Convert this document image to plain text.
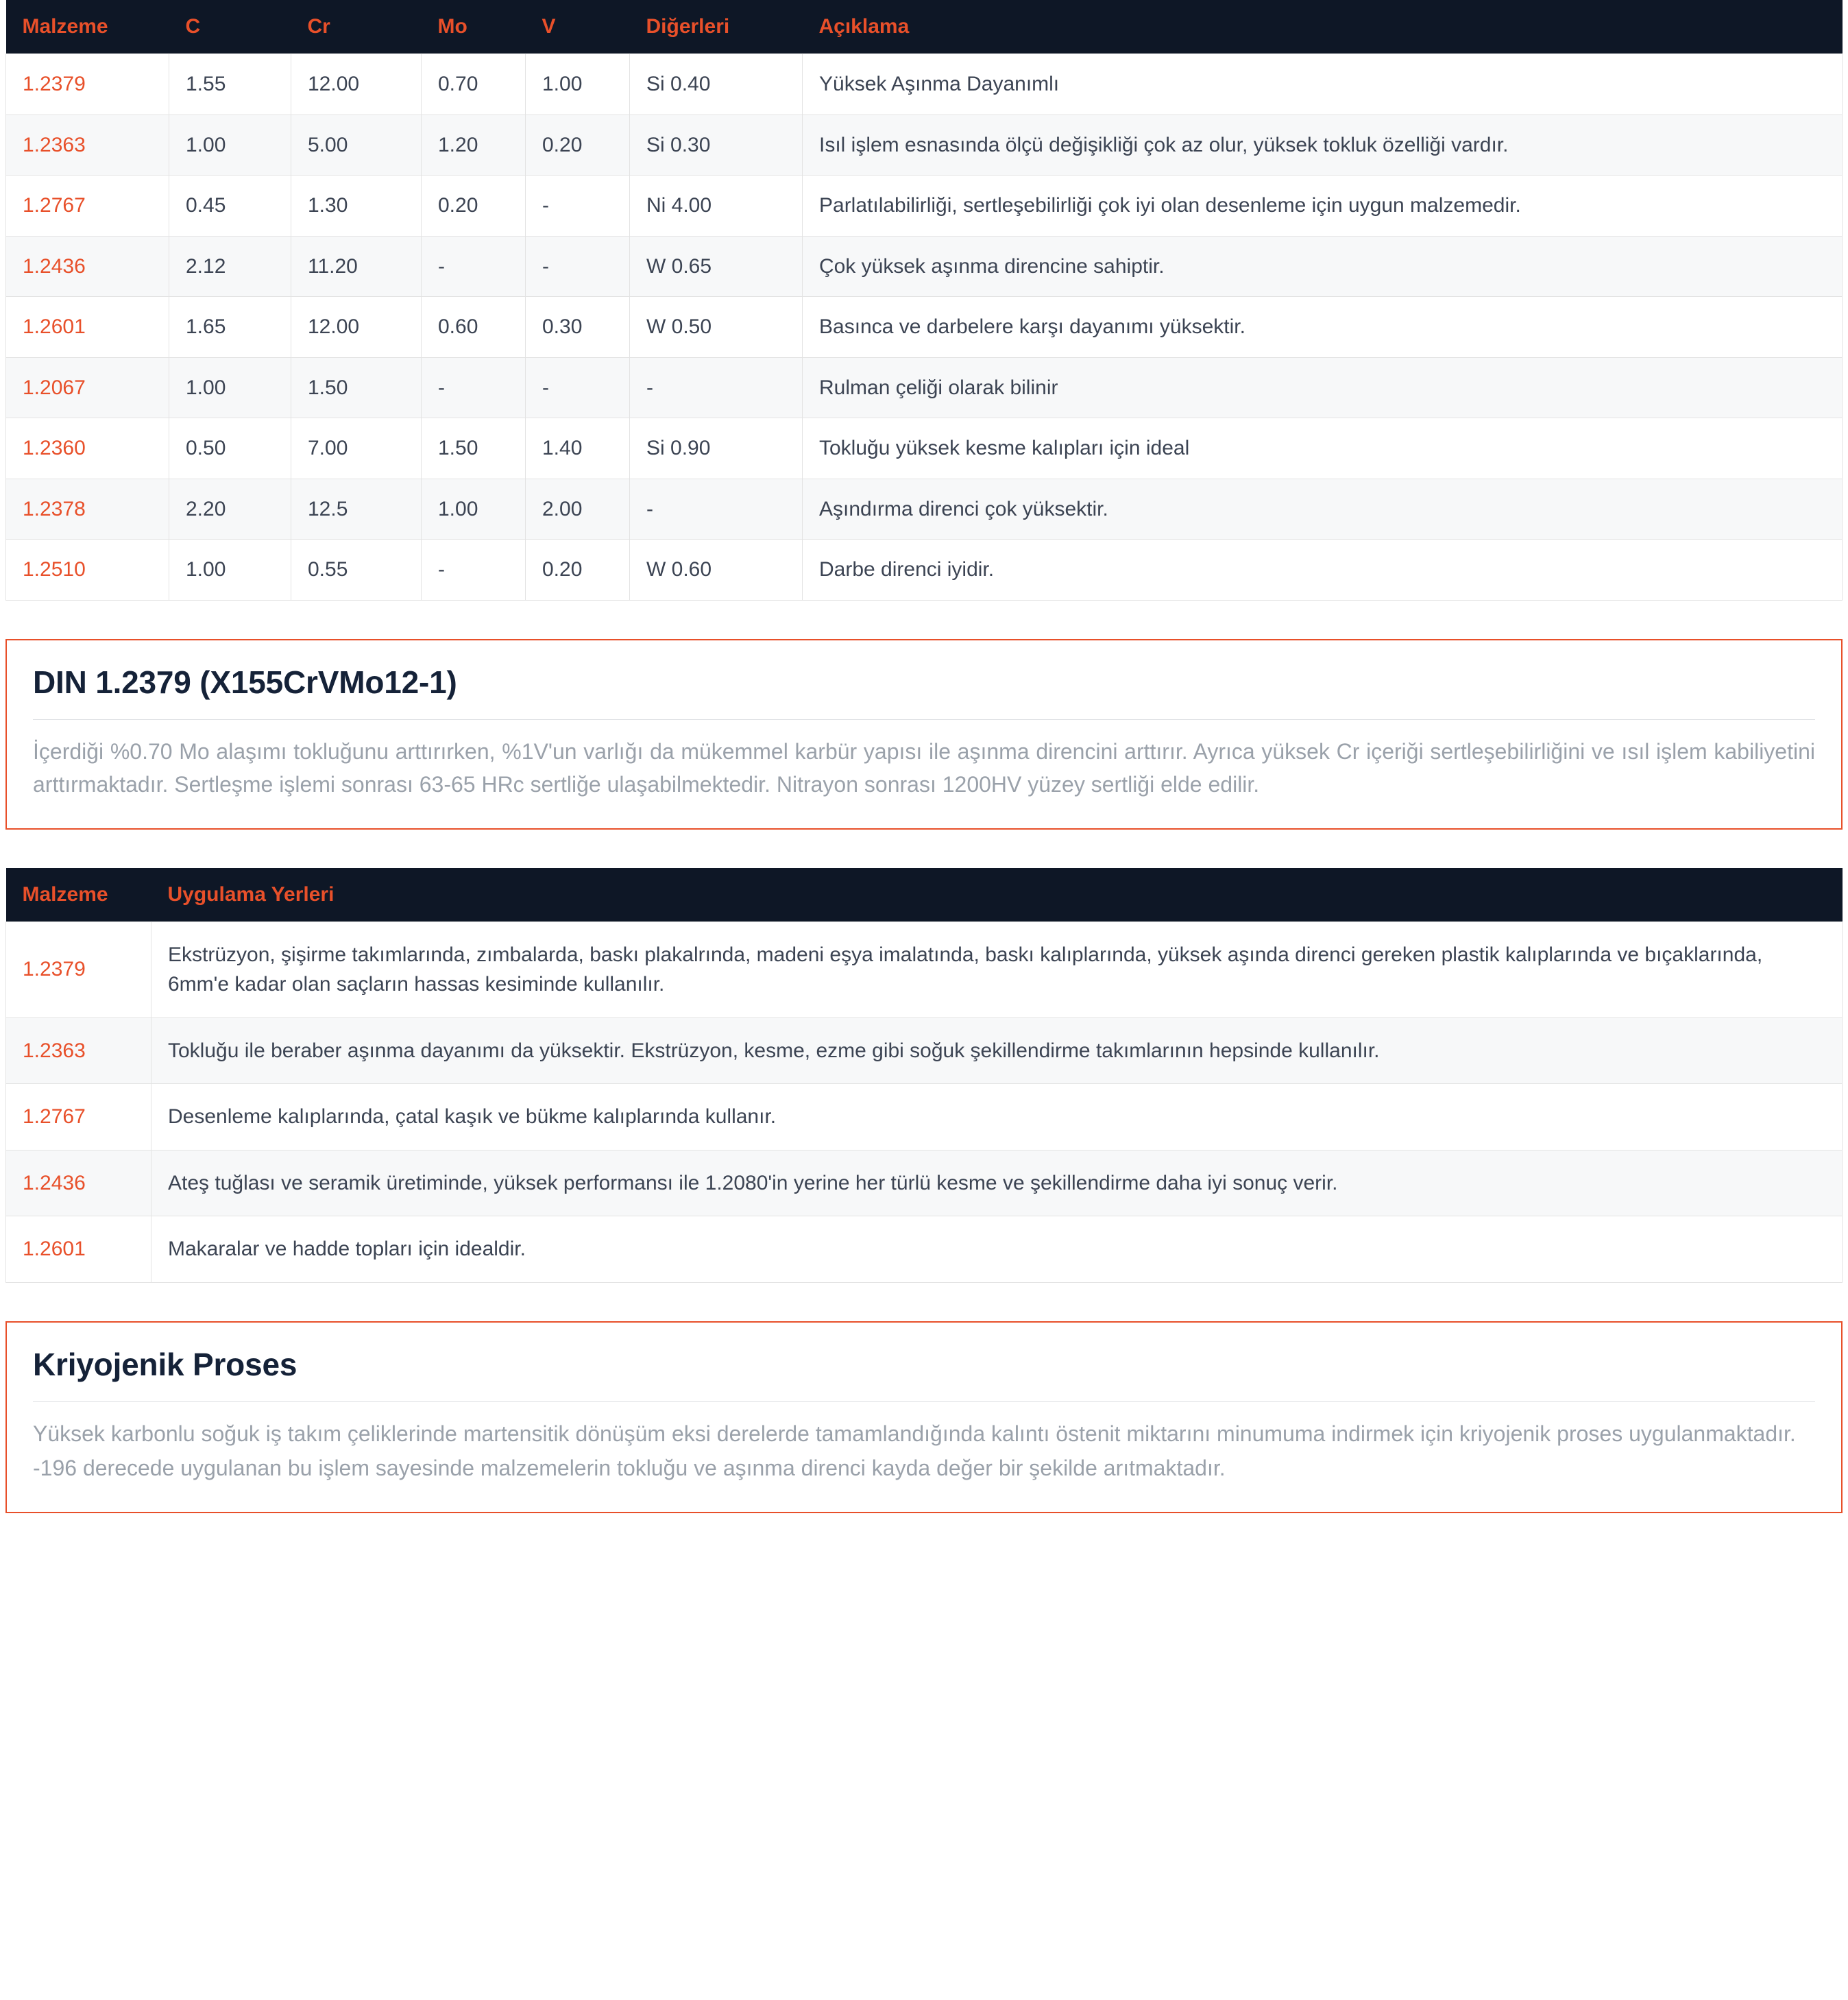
Malzeme	C	Cr	Mo	V	Diğerleri	Açıklama
1.2379	1.55	12.00	0.70	1.00	Si 0.40	Yüksek Aşınma Dayanımlı
1.2363	1.00	5.00	1.20	0.20	Si 0.30	Isıl işlem esnasında ölçü değişikliği çok az olur, yüksek tokluk özelliği vardır.
1.2767	0.45	1.30	0.20	-	Ni 4.00	Parlatılabilirliği, sertleşebilirliği çok iyi olan desenleme için uygun malzemedir.
1.2436	2.12	11.20	-	-	W 0.65	Çok yüksek aşınma direncine sahiptir.
1.2601	1.65	12.00	0.60	0.30	W 0.50	Basınca ve darbelere karşı dayanımı yüksektir.
1.2067	1.00	1.50	-	-	-	Rulman çeliği olarak bilinir
1.2360	0.50	7.00	1.50	1.40	Si 0.90	Tokluğu yüksek kesme kalıpları için ideal
1.2378	2.20	12.5	1.00	2.00	-	Aşındırma direnci çok yüksektir.
1.2510	1.00	0.55	-	0.20	W 0.60	Darbe direnci iyidir.
DIN 1.2379 (X155CrVMo12-1)

İçerdiği %0.70 Mo alaşımı tokluğunu arttırırken, %1V'un varlığı da mükemmel karbür yapısı ile aşınma direncini arttırır. Ayrıca yüksek Cr içeriği sertleşebilirliğini ve ısıl işlem kabiliyetini arttırmaktadır. Sertleşme işlemi sonrası 63-65 HRc sertliğe ulaşabilmektedir. Nitrayon sonrası 1200HV yüzey sertliği elde edilir.

Malzeme	Uygulama Yerleri
1.2379	Ekstrüzyon, şişirme takımlarında, zımbalarda, baskı plakalrında, madeni eşya imalatında, baskı kalıplarında, yüksek aşında direnci gereken plastik kalıplarında ve bıçaklarında, 6mm'e kadar olan saçların hassas kesiminde kullanılır.
1.2363	Tokluğu ile beraber aşınma dayanımı da yüksektir. Ekstrüzyon, kesme, ezme gibi soğuk şekillendirme takımlarının hepsinde kullanılır.
1.2767	Desenleme kalıplarında, çatal kaşık ve bükme kalıplarında kullanır.
1.2436	Ateş tuğlası ve seramik üretiminde, yüksek performansı ile 1.2080'in yerine her türlü kesme ve şekillendirme daha iyi sonuç verir.
1.2601	Makaralar ve hadde topları için idealdir.
Kriyojenik Proses

Yüksek karbonlu soğuk iş takım çeliklerinde martensitik dönüşüm eksi derelerde tamamlandığında kalıntı östenit miktarını minumuma indirmek için kriyojenik proses uygulanmaktadır.

-196 derecede uygulanan bu işlem sayesinde malzemelerin tokluğu ve aşınma direnci kayda değer bir şekilde arıtmaktadır.
